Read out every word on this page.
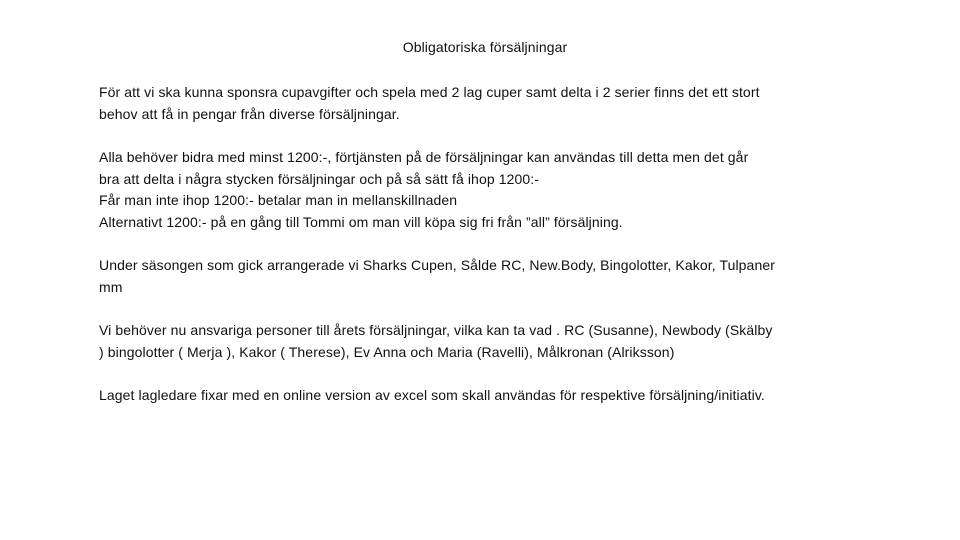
Obligatoriska försäljningar

För att vi ska kunna sponsra cupavgifter och spela med 2 lag cuper samt delta i 2 serier finns det ett stort
behov att få in pengar från diverse försäljningar.

Alla behöver bidra med minst 1200:-, förtjänsten på de försäljningar kan användas till detta men det går
bra att delta i några stycken försäljningar och på så sätt få ihop 1200:-
Får man inte ihop 1200:- betalar man in mellanskillnaden
Alternativt 1200:- på en gång till Tommi om man vill köpa sig fri från ”all” försäljning.

Under säsongen som gick arrangerade vi Sharks Cupen, Sålde RC, New.Body, Bingolotter, Kakor, Tulpaner
mm

Vi behöver nu ansvariga personer till årets försäljningar, vilka kan ta vad . RC (Susanne), Newbody (Skälby
) bingolotter ( Merja ), Kakor ( Therese), Ev Anna och Maria (Ravelli), Målkronan (Alriksson)

Laget lagledare fixar med en online version av excel som skall användas för respektive försäljning/initiativ.
